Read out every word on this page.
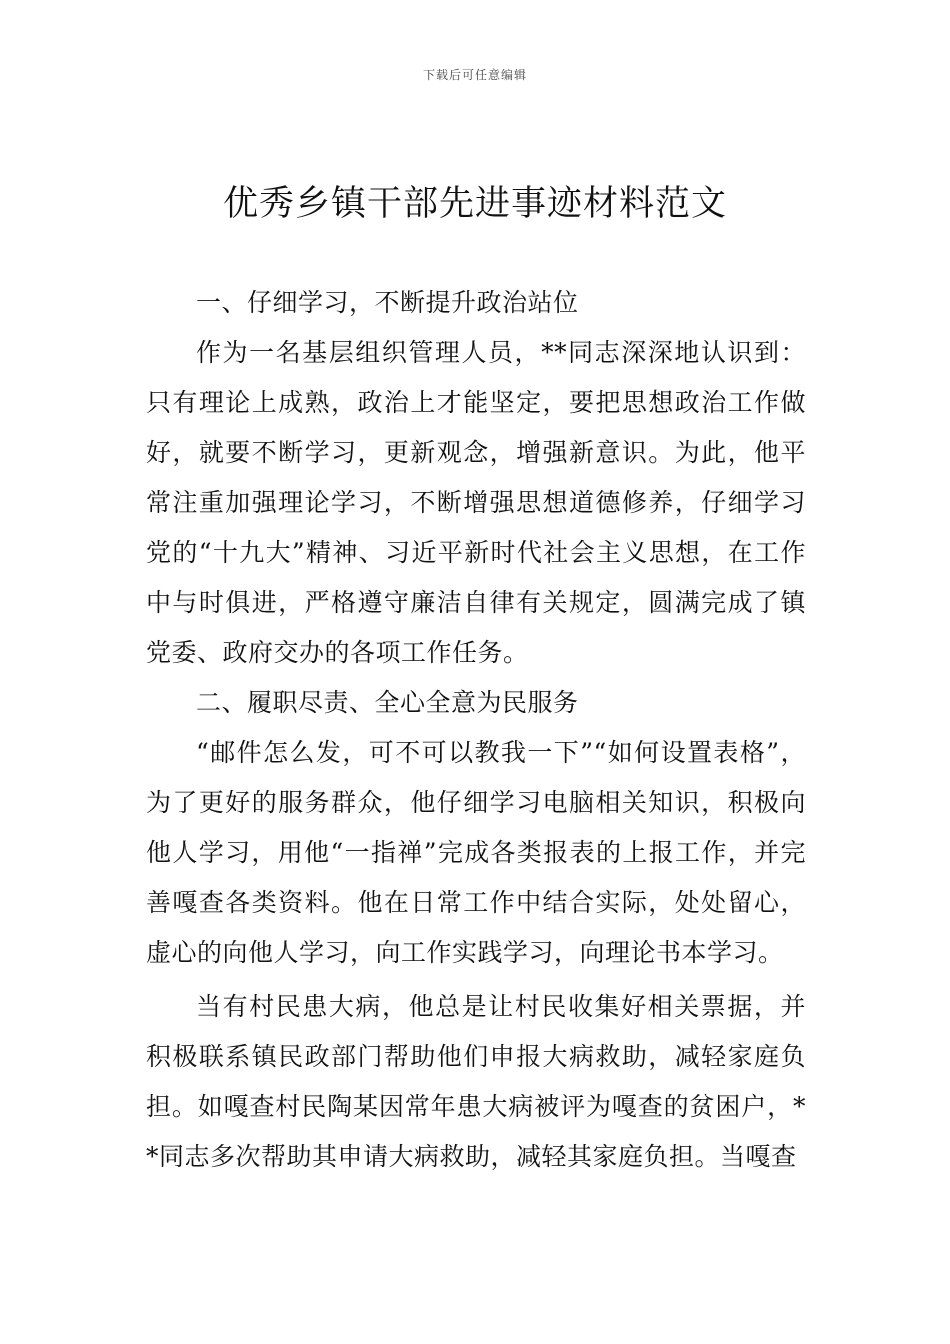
下载后可任意编辑
优秀乡镇干部先进事迹材料范文

一、仔细学习，不断提升政治站位

作为一名基层组织管理人员，**同志深深地认识到：只有理论上成熟，政治上才能坚定，要把思想政治工作做好，就要不断学习，更新观念，增强新意识。为此，他平常注重加强理论学习，不断增强思想道德修养，仔细学习党的“十九大”精神、习近平新时代社会主义思想，在工作中与时俱进，严格遵守廉洁自律有关规定，圆满完成了镇党委、政府交办的各项工作任务。

二、履职尽责、全心全意为民服务

“邮件怎么发，可不可以教我一下”“如何设置表格”，为了更好的服务群众，他仔细学习电脑相关知识，积极向他人学习，用他“一指禅”完成各类报表的上报工作，并完善嘎查各类资料。他在日常工作中结合实际，处处留心，虚心的向他人学习，向工作实践学习，向理论书本学习。

当有村民患大病，他总是让村民收集好相关票据，并积极联系镇民政部门帮助他们申报大病救助，减轻家庭负担。如嘎查村民陶某因常年患大病被评为嘎查的贫困户，**同志多次帮助其申请大病救助，减轻其家庭负担。当嘎查
